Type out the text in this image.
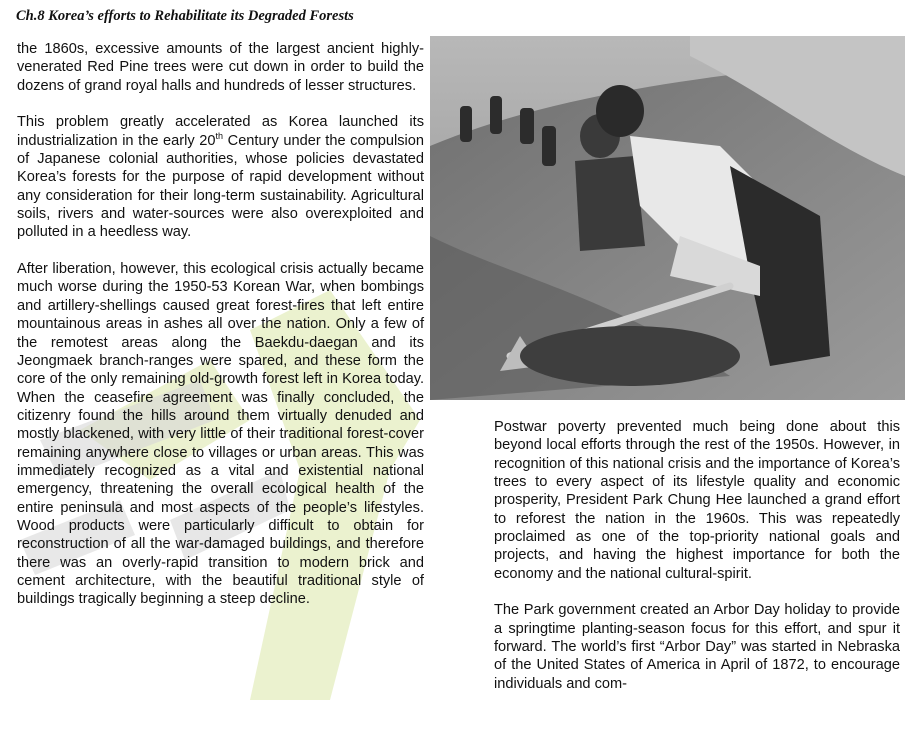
Ch.8 Korea’s efforts to Rehabilitate its Degraded Forests

the 1860s, excessive amounts of the largest ancient highly-venerated Red Pine trees were cut down in order to build the dozens of grand royal halls and hundreds of lesser structures.

This problem greatly accelerated as Korea launched its industrialization in the early 20th Century under the compulsion of Japanese colonial authorities, whose policies devastated Korea’s forests for the purpose of rapid development without any consideration for their long-term sustainability. Agricultural soils, rivers and water-sources were also overexploited and polluted in a heedless way.

After liberation, however, this ecological crisis actually became much worse during the 1950-53 Korean War, when bombings and artillery-shellings caused great forest-fires that left entire mountainous areas in ashes all over the nation. Only a few of the remotest areas along the Baekdu-daegan and its Jeongmaek branch-ranges were spared, and these form the core of the only remaining old-growth forest left in Korea today. When the ceasefire agreement was finally concluded, the citizenry found the hills around them virtually denuded and mostly blackened, with very little of their traditional forest-cover remaining anywhere close to villages or urban areas. This was immediately recognized as a vital and existential national emergency, threatening the overall ecological health of the entire peninsula and most aspects of the people’s lifestyles. Wood products were particularly difficult to obtain for reconstruction of all the war-damaged buildings, and therefore there was an overly-rapid transition to modern brick and cement architecture, with the beautiful traditional style of buildings tragically beginning a steep decline.

Postwar poverty prevented much being done about this beyond local efforts through the rest of the 1950s. However, in recognition of this national crisis and the importance of Korea’s trees to every aspect of its lifestyle quality and economic prosperity, President Park Chung Hee launched a grand effort to reforest the nation in the 1960s. This was repeatedly proclaimed as one of the top-priority national goals and projects, and having the highest importance for both the economy and the national cultural-spirit.

The Park government created an Arbor Day holiday to provide a springtime planting-season focus for this effort, and spur it forward. The world’s first “Arbor Day” was started in Nebraska of the United States of America in April of 1872, to encourage individuals and com-
